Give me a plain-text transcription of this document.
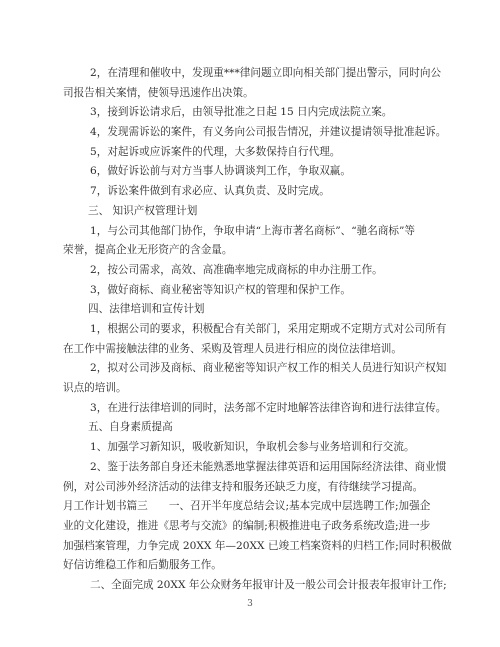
2，在清理和催收中，发现重***律问题立即向相关部门提出警示，同时向公
司报告相关案情，使领导迅速作出决策。
3，接到诉讼请求后，由领导批准之日起 15 日内完成法院立案。
4，发现需诉讼的案件，有义务向公司报告情况，并建议提请领导批准起诉。
5，对起诉或应诉案件的代理，大多数保持自行代理。
6，做好诉讼前与对方当事人协调谈判工作，争取双赢。
7，诉讼案件做到有求必应、认真负责、及时完成。
三、 知识产权管理计划
1，与公司其他部门协作，争取申请“上海市著名商标”、“驰名商标”等
荣誉，提高企业无形资产的含金量。
2，按公司需求，高效、高准确率地完成商标的申办注册工作。
3，做好商标、商业秘密等知识产权的管理和保护工作。
四、法律培训和宣传计划
1，根据公司的要求，积极配合有关部门，采用定期或不定期方式对公司所有
在工作中需接触法律的业务、采购及管理人员进行相应的岗位法律培训。
2，拟对公司涉及商标、商业秘密等知识产权工作的相关人员进行知识产权知
识点的培训。
3，在进行法律培训的同时，法务部不定时地解答法律咨询和进行法律宣传。
五、自身素质提高
1、加强学习新知识，吸收新知识，争取机会参与业务培训和行交流。
2、鉴于法务部自身还未能熟悉地掌握法律英语和运用国际经济法律、商业惯
例，对公司涉外经济活动的法律支持和服务还缺乏力度，有待继续学习提高。
月工作计划书篇三　　一、召开半年度总结会议;基本完成中层选聘工作;加强企
业的文化建设，推进《思考与交流》的编制;积极推进电子政务系统改造;进一步
加强档案管理，力争完成 20XX 年—20XX 已竣工档案资料的归档工作;同时积极做
好信访维稳工作和后勤服务工作。
二、全面完成 20XX 年公众财务年报审计及一般公司会计报表年报审计工作;
3
